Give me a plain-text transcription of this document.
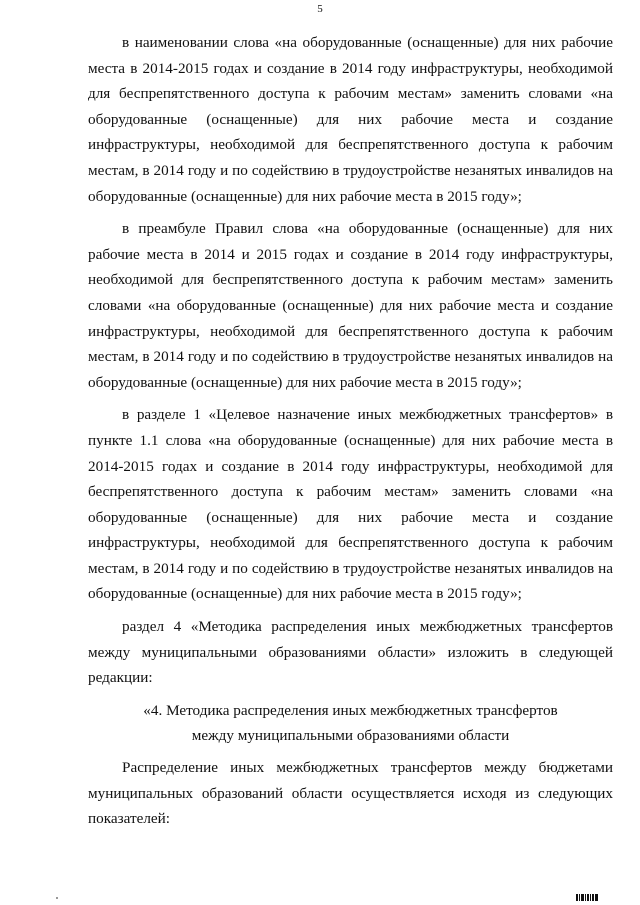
5

в наименовании слова «на оборудованные (оснащенные) для них рабочие места в 2014-2015 годах и создание в 2014 году инфраструктуры, необходимой для беспрепятственного доступа к рабочим местам» заменить словами «на оборудованные (оснащенные) для них рабочие места и создание инфраструктуры, необходимой для беспрепятственного доступа к рабочим местам, в 2014 году и по содействию в трудоустройстве незанятых инвалидов на оборудованные (оснащенные) для них рабочие места в 2015 году»;

в преамбуле Правил слова «на оборудованные (оснащенные) для них рабочие места в 2014 и 2015 годах и создание в 2014 году инфраструктуры, необходимой для беспрепятственного доступа к рабочим местам» заменить словами «на оборудованные (оснащенные) для них рабочие места и создание инфраструктуры, необходимой для беспрепятственного доступа к рабочим местам, в 2014 году и по содействию в трудоустройстве незанятых инвалидов на оборудованные (оснащенные) для них рабочие места в 2015 году»;

в разделе 1 «Целевое назначение иных межбюджетных трансфертов» в пункте 1.1 слова «на оборудованные (оснащенные) для них рабочие места в 2014-2015 годах и создание в 2014 году инфраструктуры, необходимой для беспрепятственного доступа к рабочим местам» заменить словами «на оборудованные (оснащенные) для них рабочие места и создание инфраструктуры, необходимой для беспрепятственного доступа к рабочим местам, в 2014 году и по содействию в трудоустройстве незанятых инвалидов на оборудованные (оснащенные) для них рабочие места в 2015 году»;

раздел 4 «Методика распределения иных межбюджетных трансфертов между муниципальными образованиями области» изложить в следующей редакции:

«4. Методика распределения иных межбюджетных трансфертов
между муниципальными образованиями области

Распределение иных межбюджетных трансфертов между бюджетами муниципальных образований области осуществляется исходя из следующих показателей:
